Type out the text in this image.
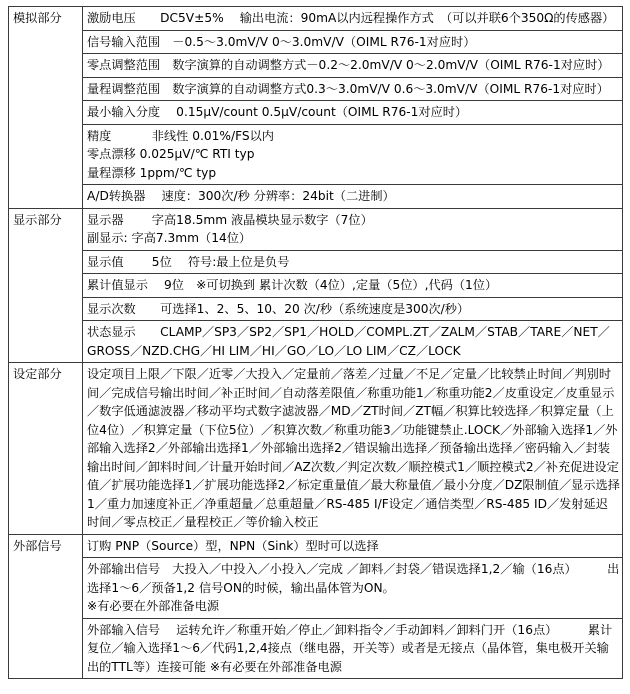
模拟部分	激励电压　　DC5V±5%　 输出电流：90mA以内远程操作方式　（可以并联6个350Ω的传感器）

	信号输入范围　－0.5～3.0mV/V 0～3.0mV/V（OIML R76-1对应时）

	零点调整范围　数字演算的自动调整方式－0.2～2.0mV/V 0～2.0mV/V（OIML R76-1对应时）

	量程调整范围　数字演算的自动调整方式0.3～3.0mV/V 0.6～3.0mV/V（OIML R76-1对应时）

	最小输入分度　 0.15μV/count 0.5μV/count（OIML R76-1对应时）

	精度　　　 非线性 0.01%/FS以内
零点漂移 0.025μV/℃ RTI typ
量程漂移 1ppm/℃ typ

	A/D转换器　 速度：300次/秒 分辨率：24bit（二进制）

显示部分	显示器　　 字高18.5mm 液晶模块显示数字（7位）
副显示: 字高7.3mm（14位）

	显示值　　 5位　 符号:最上位是负号

	累计值显示　 9位　※可切换到 累计次数（4位）,定量（5位）,代码（1位）

	显示次数　　可选择1、2、5、10、20 次/秒（系统速度是300次/秒）

	状态显示　　CLAMP／SP3／SP2／SP1／HOLD／COMPL.ZT／ZALM／STAB／TARE／NET／
GROSS／NZD.CHG／HI LIM／HI／GO／LO／LO LIM／CZ／LOCK

设定部分	设定项目上限／下限／近零／大投入／定量前／落差／过量／不足／定量／比较禁止时间／判别时间／完成信号输出时间／补正时间／自动落差限值／称重功能1／称重功能2／皮重设定／皮重显示／数字低通滤波器／移动平均式数字滤波器／MD／ZT时间／ZT幅／积算比较选择／积算定量（上位4位）／积算定量（下位5位）／积算次数／称重功能3／功能键禁止.LOCK／外部输入选择1／外部输入选择2／外部输出选择1／外部输出选择2／错误输出选择／预备输出选择／密码输入／封装输出时间／卸料时间／计量开始时间／AZ次数／判定次数／顺控模式1／顺控模式2／补充促进设定值／扩展功能选择1／扩展功能选择2／标定重量值／最大称量值／最小分度／DZ限制值／显示选择1／重力加速度补正／净重超量／总重超量／RS-485 I/F设定／通信类型／RS-485 ID／发射延迟时间／零点校正／量程校正／等价输入校正

外部信号	订购 PNP（Source）型，NPN（Sink）型时可以选择

	外部输出信号　大投入／中投入／小投入／完成 ／卸料／封袋／错误选择1,2／输（16点）　　　出选择1～6／预备1,2 信号ON的时候，输出晶体管为ON。
※有必要在外部准备电源

	外部输入信号　 运转允许／称重开始／停止／卸料指令／手动卸料／卸料门开（16点）　　　累计复位／输入选择1～6／代码1,2,4接点（继电器，开关等）或者是无接点（晶体管，集电极开关输出的TTL等）连接可能 ※有必要在外部准备电源
